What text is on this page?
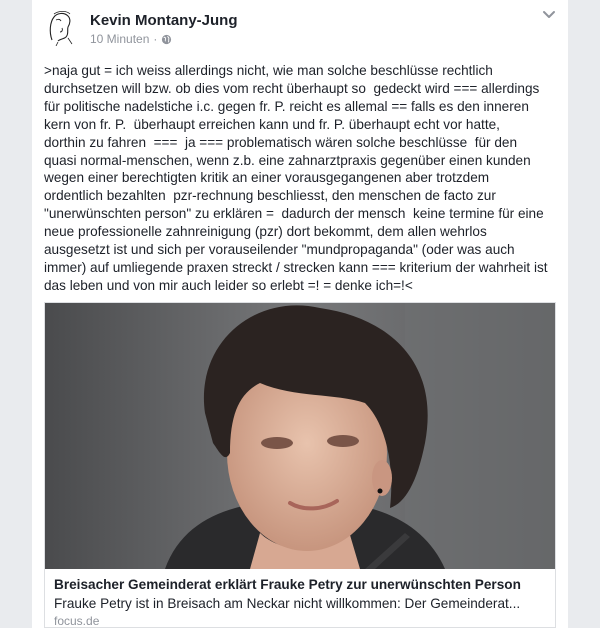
Kevin Montany-Jung
10 Minuten ·
>naja gut = ich weiss allerdings nicht, wie man solche beschlüsse rechtlich
durchsetzen will bzw. ob dies vom recht überhaupt so  gedeckt wird === allerdings
für politische nadelstiche i.c. gegen fr. P. reicht es allemal == falls es den inneren
kern von fr. P.  überhaupt erreichen kann und fr. P. überhaupt echt vor hatte,
dorthin zu fahren  ===  ja === problematisch wären solche beschlüsse  für den
quasi normal-menschen, wenn z.b. eine zahnarztpraxis gegenüber einen kunden
wegen einer berechtigten kritik an einer vorausgegangenen aber trotzdem
ordentlich bezahlten  pzr-rechnung beschliesst, den menschen de facto zur
"unerwünschten person" zu erklären =  dadurch der mensch  keine termine für eine
neue professionelle zahnreinigung (pzr) dort bekommt, dem allen wehrlos
ausgesetzt ist und sich per vorauseilender "mundpropaganda" (oder was auch
immer) auf umliegende praxen streckt / strecken kann === kriterium der wahrheit ist
das leben und von mir auch leider so erlebt =! = denke ich=!<
Breisacher Gemeinderat erklärt Frauke Petry zur unerwünschten Person
Frauke Petry ist in Breisach am Neckar nicht willkommen: Der Gemeinderat...
focus.de
